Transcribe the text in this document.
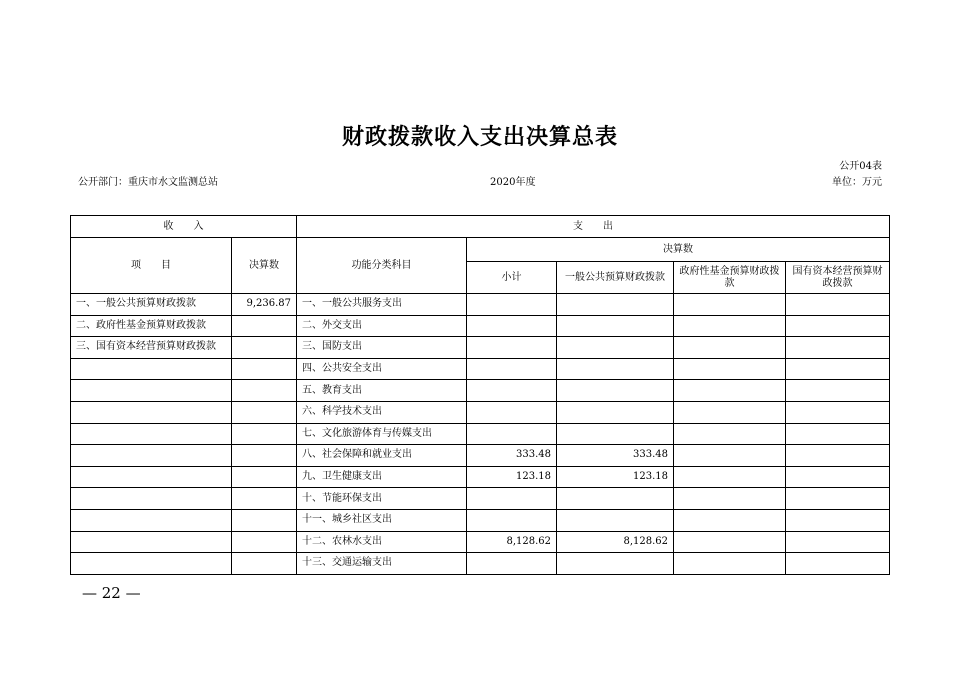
财政拨款收入支出决算总表
公开04表
公开部门：重庆市水文监测总站	2020年度	单位：万元
收　　入		支　　出				
项　　目	决算数	功能分类科目	决算数			
			小计	一般公共预算财政拨款	政府性基金预算财政拨款	国有资本经营预算财政拨款
一、一般公共预算财政拨款	9,236.87	一、一般公共服务支出				
二、政府性基金预算财政拨款		二、外交支出				
三、国有资本经营预算财政拨款		三、国防支出				
		四、公共安全支出				
		五、教育支出				
		六、科学技术支出				
		七、文化旅游体育与传媒支出				
		八、社会保障和就业支出	333.48	333.48		
		九、卫生健康支出	123.18	123.18		
		十、节能环保支出				
		十一、城乡社区支出				
		十二、农林水支出	8,128.62	8,128.62		
		十三、交通运输支出				
— 22 —
